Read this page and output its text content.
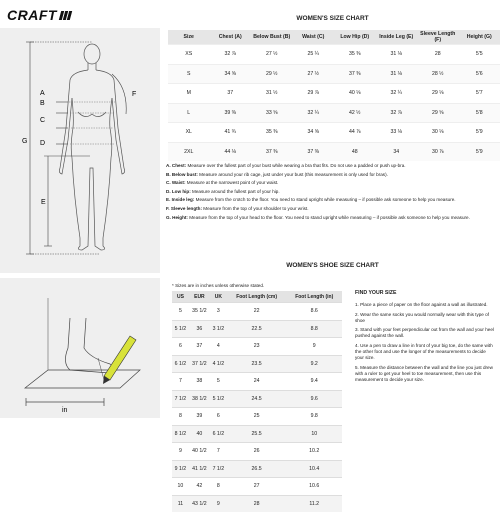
CRAFT
A
B
C
D
E
F
G
in
WOMEN'S SIZE CHART
Size	Chest (A)	Below Bust (B)	Waist (C)	Low Hip (D)	Inside Leg (E)	Sleeve Length (F)	Height (G)
XS	32 ⅞	27 ½	25 ¼	35 ⅜	31 ⅛	28	5'5
S	34 ⅝	29 ½	27 ½	37 ⅜	31 ⅛	28 ½	5'6
M	37	31 ½	29 ⅞	40 ⅛	32 ¼	29 ⅛	5'7
L	39 ⅜	33 ⅝	32 ¼	42 ½	32 ⅞	29 ⅝	5'8
XL	41 ¾	35 ⅜	34 ⅝	44 ⅞	33 ⅛	30 ⅛	5'9
2XL	44 ⅛	37 ⅜	37 ⅜	48	34	30 ⅞	5'9

A. Chest: Measure over the fullest part of your bust while wearing a bra that fits. Do not use a padded or push up-bra.

B. Below bust: Measure around your rib cage, just under your bust (this measurement is only used for bras).

C. Waist: Measure at the narrowest point of your waist.

D. Low hip: Measure around the fullest part of your hip.

E. Inside leg: Measure from the crotch to the floor. You need to stand upright while measuring – if possible ask someone to help you measure.

F. Sleeve length: Measure from the top of your shoulder to your wrist.

G. Height: Measure from the top of your head to the floor. You need to stand upright while measuring – if possible ask someone to help you measure.

WOMEN'S SHOE SIZE CHART
* Sizes are in inches unless otherwise stated.
US	EUR	UK	Foot Length (cm)	Foot Length (in)
5	35 1/2	3	22	8.6
5 1/2	36	3 1/2	22.5	8.8
6	37	4	23	9
6 1/2	37 1/2	4 1/2	23.5	9.2
7	38	5	24	9.4
7 1/2	38 1/2	5 1/2	24.5	9.6
8	39	6	25	9.8
8 1/2	40	6 1/2	25.5	10
9	40 1/2	7	26	10.2
9 1/2	41 1/2	7 1/2	26.5	10.4
10	42	8	27	10.6
11	43 1/2	9	28	11.2
FIND YOUR SIZE
1. Place a piece of paper on the floor against a wall as illustrated.
2. Wear the same socks you would normally wear with this type of shoe
3. Stand with your feet perpendicular out from the wall and your heel pushed against the wall.
4. Use a pen to draw a line in front of your big toe, do the same with the other foot and use the longer of the measurements to decide your size.
5. Measure the distance between the wall and the line you just drew with a ruler to get your heel to toe measurement, then use this measurement to decide your size.
